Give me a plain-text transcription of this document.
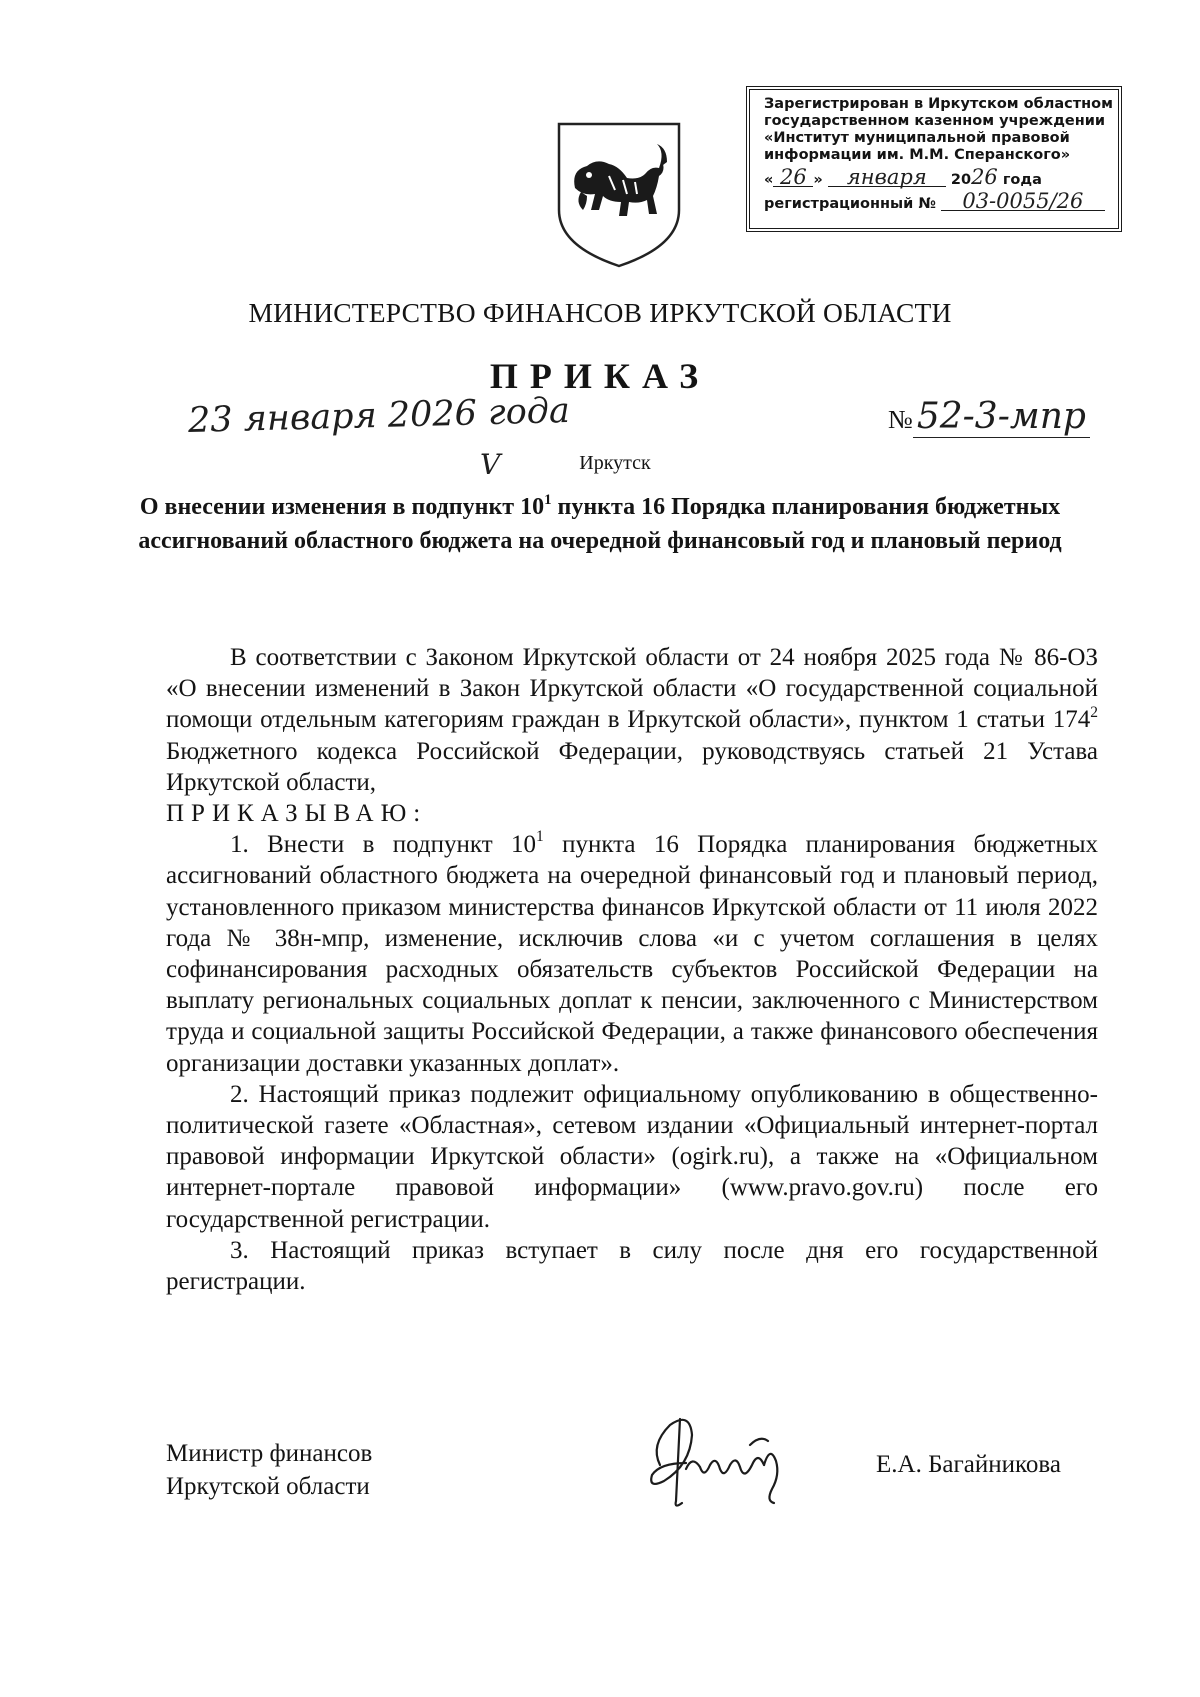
Зарегистрирован в Иркутском областном
государственном казенном учреждении
«Институт муниципальной правовой
информации им. М.М. Сперанского»
« 26 » января 2026 года
регистрационный № 03-0055/26
МИНИСТЕРСТВО ФИНАНСОВ ИРКУТСКОЙ ОБЛАСТИ
ПРИКАЗ
23 января 2026 года
V
№ 52-3-мпр
Иркутск
О внесении изменения в подпункт $10^1$ пункта 16 Порядка планирования бюджетных ассигнований областного бюджета на очередной финансовый год и плановый период

В соответствии с Законом Иркутской области от 24 ноября 2025 года № 86-ОЗ «О внесении изменений в Закон Иркутской области «О государственной социальной помощи отдельным категориям граждан в Иркутской области», пунктом 1 статьи $174^2$ Бюджетного кодекса Российской Федерации, руководствуясь статьей 21 Устава Иркутской области,

ПРИКАЗЫВАЮ:

1. Внести в подпункт $10^1$ пункта 16 Порядка планирования бюджетных ассигнований областного бюджета на очередной финансовый год и плановый период, установленного приказом министерства финансов Иркутской области от 11 июля 2022 года № 38н-мпр, изменение, исключив слова «и с учетом соглашения в целях софинансирования расходных обязательств субъектов Российской Федерации на выплату региональных социальных доплат к пенсии, заключенного с Министерством труда и социальной защиты Российской Федерации, а также финансового обеспечения организации доставки указанных доплат».

2. Настоящий приказ подлежит официальному опубликованию в общественно-политической газете «Областная», сетевом издании «Официальный интернет-портал правовой информации Иркутской области» (ogirk.ru), а также на «Официальном интернет-портале правовой информации» (www.pravo.gov.ru) после его государственной регистрации.

3. Настоящий приказ вступает в силу после дня его государственной регистрации.

Министр финансов
Иркутской области
Е.А. Багайникова
